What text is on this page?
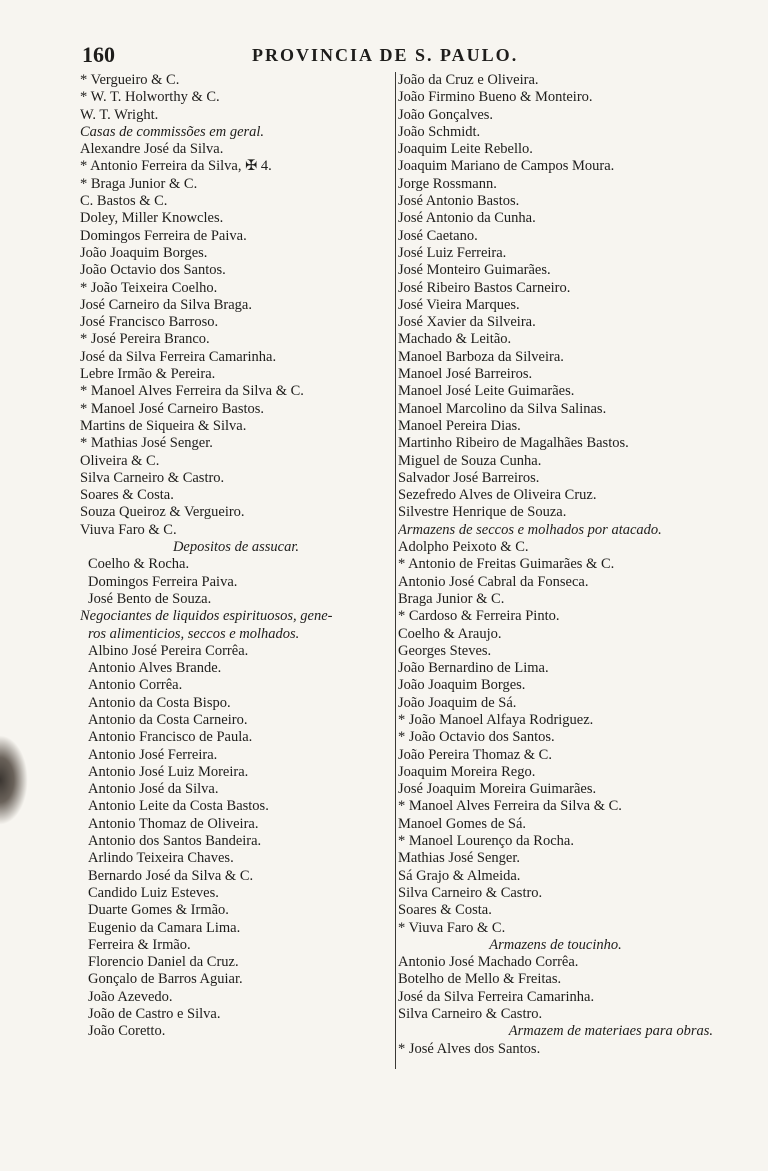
160	PROVINCIA DE S. PAULO.
* Vergueiro & C.
* W. T. Holworthy & C.
W. T. Wright.
Casas de commissões em geral.
Alexandre José da Silva.
* Antonio Ferreira da Silva, ✠ 4.
* Braga Junior & C.
C. Bastos & C.
Doley, Miller Knowcles.
Domingos Ferreira de Paiva.
João Joaquim Borges.
João Octavio dos Santos.
* João Teixeira Coelho.
José Carneiro da Silva Braga.
José Francisco Barroso.
* José Pereira Branco.
José da Silva Ferreira Camarinha.
Lebre Irmão & Pereira.
* Manoel Alves Ferreira da Silva & C.
* Manoel José Carneiro Bastos.
Martins de Siqueira & Silva.
* Mathias José Senger.
Oliveira & C.
Silva Carneiro & Castro.
Soares & Costa.
Souza Queiroz & Vergueiro.
Viuva Faro & C.
Depositos de assucar.
Coelho & Rocha.
Domingos Ferreira Paiva.
José Bento de Souza.
Negociantes de liquidos espirituosos, gene-
ros alimenticios, seccos e molhados.
Albino José Pereira Corrêa.
Antonio Alves Brande.
Antonio Corrêa.
Antonio da Costa Bispo.
Antonio da Costa Carneiro.
Antonio Francisco de Paula.
Antonio José Ferreira.
Antonio José Luiz Moreira.
Antonio José da Silva.
Antonio Leite da Costa Bastos.
Antonio Thomaz de Oliveira.
Antonio dos Santos Bandeira.
Arlindo Teixeira Chaves.
Bernardo José da Silva & C.
Candido Luiz Esteves.
Duarte Gomes & Irmão.
Eugenio da Camara Lima.
Ferreira & Irmão.
Florencio Daniel da Cruz.
Gonçalo de Barros Aguiar.
João Azevedo.
João de Castro e Silva.
João Coretto.
João da Cruz e Oliveira.
João Firmino Bueno & Monteiro.
João Gonçalves.
João Schmidt.
Joaquim Leite Rebello.
Joaquim Mariano de Campos Moura.
Jorge Rossmann.
José Antonio Bastos.
José Antonio da Cunha.
José Caetano.
José Luiz Ferreira.
José Monteiro Guimarães.
José Ribeiro Bastos Carneiro.
José Vieira Marques.
José Xavier da Silveira.
Machado & Leitão.
Manoel Barboza da Silveira.
Manoel José Barreiros.
Manoel José Leite Guimarães.
Manoel Marcolino da Silva Salinas.
Manoel Pereira Dias.
Martinho Ribeiro de Magalhães Bastos.
Miguel de Souza Cunha.
Salvador José Barreiros.
Sezefredo Alves de Oliveira Cruz.
Silvestre Henrique de Souza.
Armazens de seccos e molhados por atacado.
Adolpho Peixoto & C.
* Antonio de Freitas Guimarães & C.
Antonio José Cabral da Fonseca.
Braga Junior & C.
* Cardoso & Ferreira Pinto.
Coelho & Araujo.
Georges Steves.
João Bernardino de Lima.
João Joaquim Borges.
João Joaquim de Sá.
* João Manoel Alfaya Rodriguez.
* João Octavio dos Santos.
João Pereira Thomaz & C.
Joaquim Moreira Rego.
José Joaquim Moreira Guimarães.
* Manoel Alves Ferreira da Silva & C.
Manoel Gomes de Sá.
* Manoel Lourenço da Rocha.
Mathias José Senger.
Sá Grajo & Almeida.
Silva Carneiro & Castro.
Soares & Costa.
* Viuva Faro & C.
Armazens de toucinho.
Antonio José Machado Corrêa.
Botelho de Mello & Freitas.
José da Silva Ferreira Camarinha.
Silva Carneiro & Castro.
Armazem de materiaes para obras.
* José Alves dos Santos.
